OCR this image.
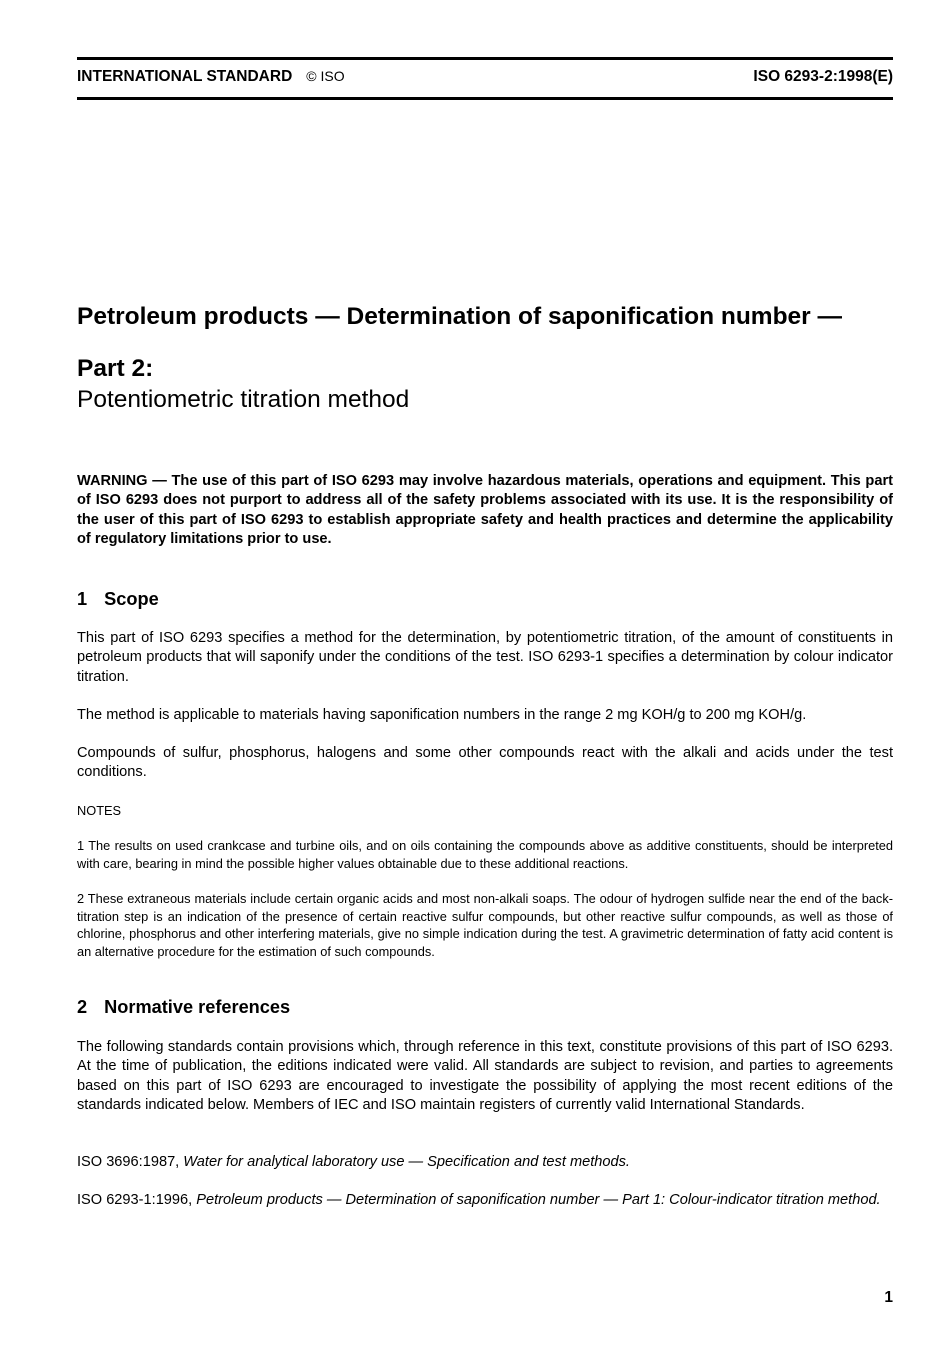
INTERNATIONAL STANDARD © ISO	ISO 6293-2:1998(E)
Petroleum products — Determination of saponification number —
Part 2:
Potentiometric titration method

WARNING — The use of this part of ISO 6293 may involve hazardous materials, operations and equipment. This part of ISO 6293 does not purport to address all of the safety problems associated with its use. It is the responsibility of the user of this part of ISO 6293 to establish appropriate safety and health practices and determine the applicability of regulatory limitations prior to use.

1 Scope

This part of ISO 6293 specifies a method for the determination, by potentiometric titration, of the amount of constituents in petroleum products that will saponify under the conditions of the test. ISO 6293-1 specifies a determination by colour indicator titration.

The method is applicable to materials having saponification numbers in the range 2 mg KOH/g to 200 mg KOH/g.

Compounds of sulfur, phosphorus, halogens and some other compounds react with the alkali and acids under the test conditions.

NOTES

1 The results on used crankcase and turbine oils, and on oils containing the compounds above as additive constituents, should be interpreted with care, bearing in mind the possible higher values obtainable due to these additional reactions.

2 These extraneous materials include certain organic acids and most non-alkali soaps. The odour of hydrogen sulfide near the end of the back-titration step is an indication of the presence of certain reactive sulfur compounds, but other reactive sulfur compounds, as well as those of chlorine, phosphorus and other interfering materials, give no simple indication during the test. A gravimetric determination of fatty acid content is an alternative procedure for the estimation of such compounds.

2 Normative references

The following standards contain provisions which, through reference in this text, constitute provisions of this part of ISO 6293. At the time of publication, the editions indicated were valid. All standards are subject to revision, and parties to agreements based on this part of ISO 6293 are encouraged to investigate the possibility of applying the most recent editions of the standards indicated below. Members of IEC and ISO maintain registers of currently valid International Standards.

ISO 3696:1987, Water for analytical laboratory use — Specification and test methods.

ISO 6293-1:1996, Petroleum products — Determination of saponification number — Part 1: Colour-indicator titration method.

1
